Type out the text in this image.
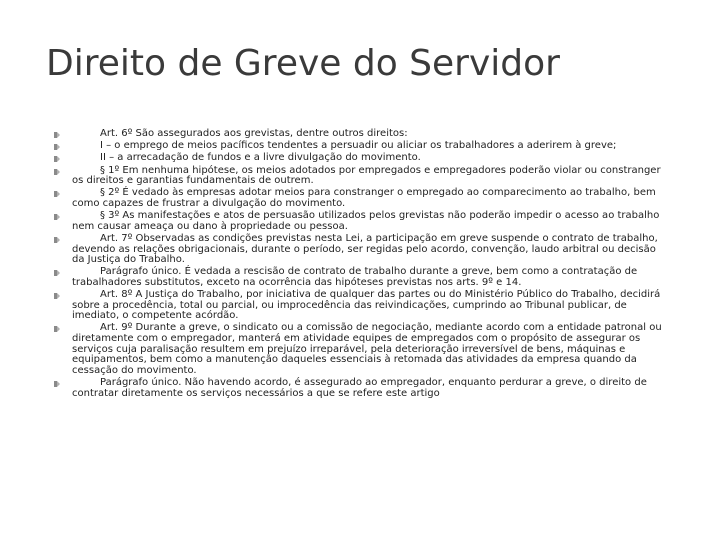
Direito de Greve do Servidor
Art. 6º São assegurados aos grevistas, dentre outros direitos:
I – o emprego de meios pacíficos tendentes a persuadir ou aliciar os trabalhadores a aderirem à greve;
II – a arrecadação de fundos e a livre divulgação do movimento.
§ 1º Em nenhuma hipótese, os meios adotados por empregados e empregadores poderão violar ou constranger os direitos e garantias fundamentais de outrem.
§ 2º É vedado às empresas adotar meios para constranger o empregado ao comparecimento ao trabalho, bem como capazes de frustrar a divulgação do movimento.
§ 3º As manifestações e atos de persuasão utilizados pelos grevistas não poderão impedir o acesso ao trabalho nem causar ameaça ou dano à propriedade ou pessoa.
Art. 7º Observadas as condições previstas nesta Lei, a participação em greve suspende o contrato de trabalho, devendo as relações obrigacionais, durante o período, ser regidas pelo acordo, convenção, laudo arbitral ou decisão da Justiça do Trabalho.
Parágrafo único. É vedada a rescisão de contrato de trabalho durante a greve, bem como a contratação de trabalhadores substitutos, exceto na ocorrência das hipóteses previstas nos arts. 9º e 14.
Art. 8º A Justiça do Trabalho, por iniciativa de qualquer das partes ou do Ministério Público do Trabalho, decidirá sobre a procedência, total ou parcial, ou improcedência das reivindicações, cumprindo ao Tribunal publicar, de imediato, o competente acórdão.
Art. 9º Durante a greve, o sindicato ou a comissão de negociação, mediante acordo com a entidade patronal ou diretamente com o empregador, manterá em atividade equipes de empregados com o propósito de assegurar os serviços cuja paralisação resultem em prejuízo irreparável, pela deterioração irreversível de bens, máquinas e equipamentos, bem como a manutenção daqueles essenciais à retomada das atividades da empresa quando da cessação do movimento.
Parágrafo único. Não havendo acordo, é assegurado ao empregador, enquanto perdurar a greve, o direito de contratar diretamente os serviços necessários a que se refere este artigo
